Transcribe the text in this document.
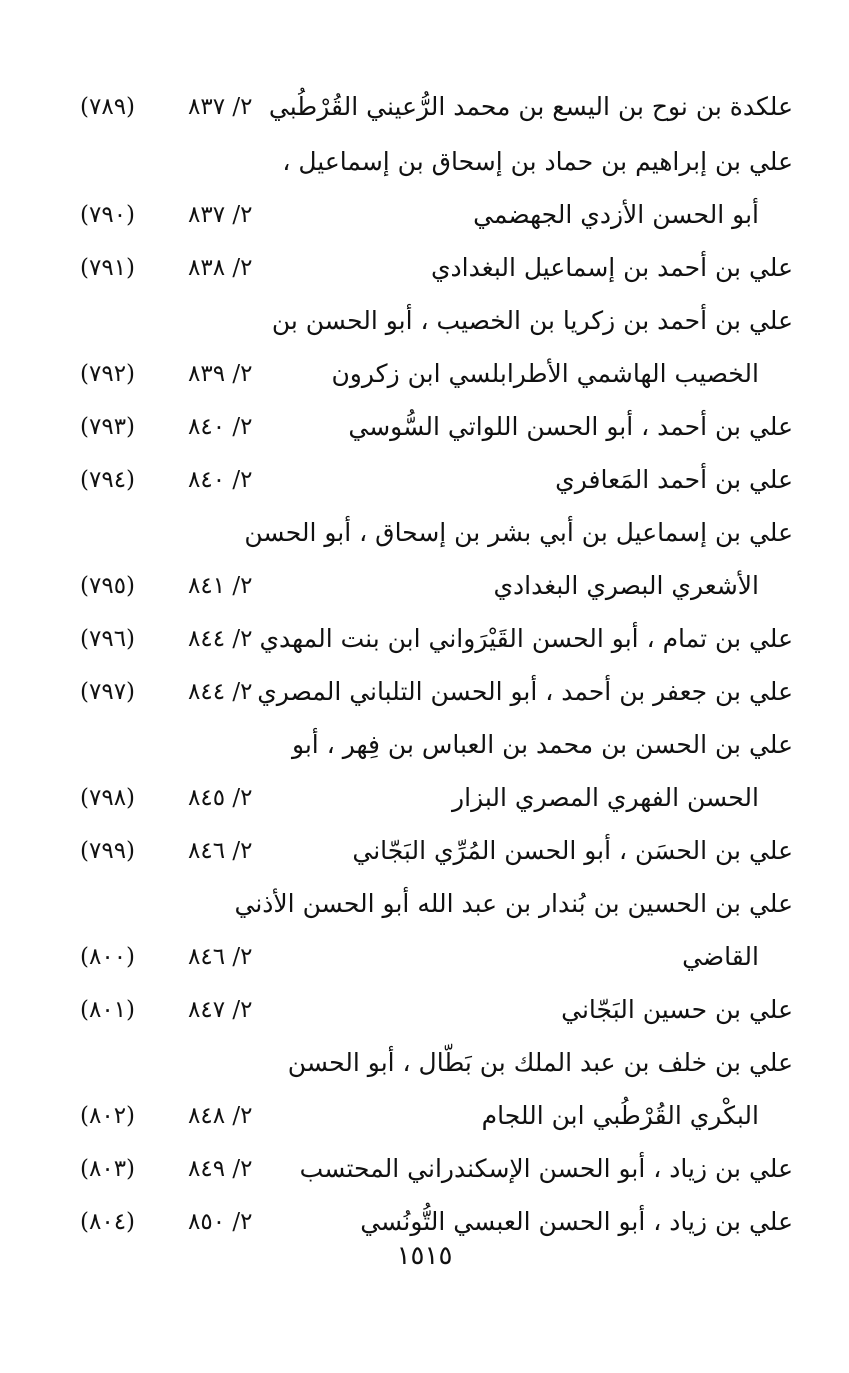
علكدة بن نوح بن اليسع بن محمد الرُّعيني القُرْطُبي
٢/ ٨٣٧
(٧٨٩)
علي بن إبراهيم بن حماد بن إسحاق بن إسماعيل ،
أبو الحسن الأزدي الجهضمي
٢/ ٨٣٧
(٧٩٠)
علي بن أحمد بن إسماعيل البغدادي
٢/ ٨٣٨
(٧٩١)
علي بن أحمد بن زكريا بن الخصيب ، أبو الحسن بن
الخصيب الهاشمي الأطرابلسي ابن زكرون
٢/ ٨٣٩
(٧٩٢)
علي بن أحمد ، أبو الحسن اللواتي السُّوسي
٢/ ٨٤٠
(٧٩٣)
علي بن أحمد المَعافري
٢/ ٨٤٠
(٧٩٤)
علي بن إسماعيل بن أبي بشر بن إسحاق ، أبو الحسن
الأشعري البصري البغدادي
٢/ ٨٤١
(٧٩٥)
علي بن تمام ، أبو الحسن القَيْرَواني ابن بنت المهدي
٢/ ٨٤٤
(٧٩٦)
علي بن جعفر بن أحمد ، أبو الحسن التلباني المصري
٢/ ٨٤٤
(٧٩٧)
علي بن الحسن بن محمد بن العباس بن فِهر ، أبو
الحسن الفهري المصري البزار
٢/ ٨٤٥
(٧٩٨)
علي بن الحسَن ، أبو الحسن المُرِّي البَجّاني
٢/ ٨٤٦
(٧٩٩)
علي بن الحسين بن بُندار بن عبد الله أبو الحسن الأذني
القاضي
٢/ ٨٤٦
(٨٠٠)
علي بن حسين البَجّاني
٢/ ٨٤٧
(٨٠١)
علي بن خلف بن عبد الملك بن بَطّال ، أبو الحسن
البكْري القُرْطُبي ابن اللجام
٢/ ٨٤٨
(٨٠٢)
علي بن زياد ، أبو الحسن الإسكندراني المحتسب
٢/ ٨٤٩
(٨٠٣)
علي بن زياد ، أبو الحسن العبسي التُّونُسي
٢/ ٨٥٠
(٨٠٤)
١٥١٥
